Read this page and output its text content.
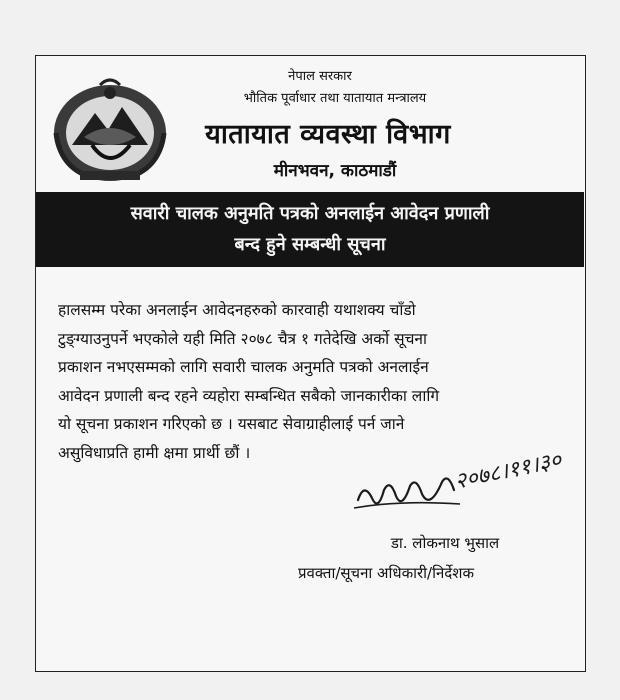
नेपाल सरकार
भौतिक पूर्वाधार तथा यातायात मन्त्रालय
यातायात व्यवस्था विभाग
मीनभवन, काठमाडौं
सवारी चालक अनुमति पत्रको अनलाईन आवेदन प्रणाली
बन्द हुने सम्बन्धी सूचना
हालसम्म परेका अनलाईन आवेदनहरुको कारवाही यथाशक्य चाँडो
टुङ्ग्याउनुपर्ने भएकोले यही मिति २०७८ चैत्र १ गतेदेखि अर्को सूचना
प्रकाशन नभएसम्मको लागि सवारी चालक अनुमति पत्रको अनलाईन
आवेदन प्रणाली बन्द रहने व्यहोरा सम्बन्धित सबैको जानकारीका लागि
यो सूचना प्रकाशन गरिएको छ । यसबाट सेवाग्राहीलाई पर्न जाने
असुविधाप्रति हामी क्षमा प्रार्थी छौं ।	२०७८।११।३०
डा. लोकनाथ भुसाल
प्रवक्ता/सूचना अधिकारी/निर्देशक
